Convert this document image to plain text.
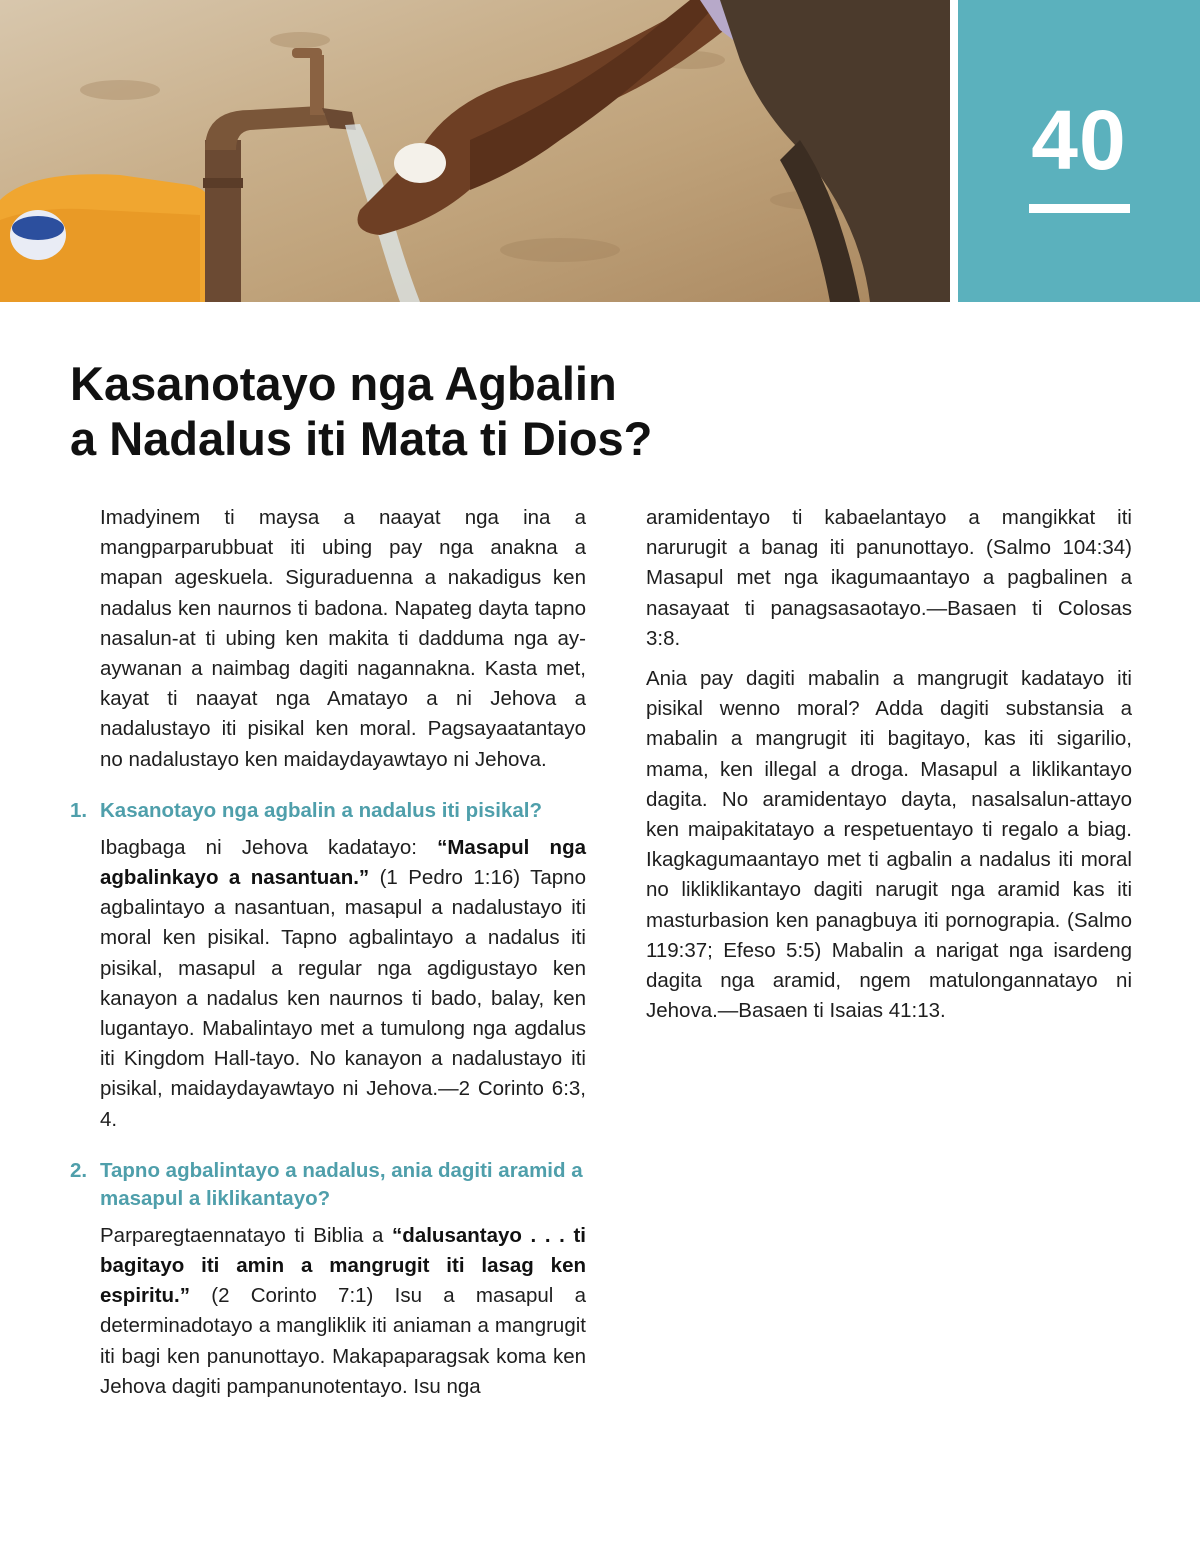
40
Kasanotayo nga Agbalin
a Nadalus iti Mata ti Dios?

Imadyinem ti maysa a naayat nga ina a mangparparubbuat iti ubing pay nga anakna a mapan ageskuela. Siguraduenna a nakadigus ken nadalus ken naurnos ti badona. Napateg dayta tapno nasalun-at ti ubing ken makita ti dadduma nga ay-aywanan a naimbag dagiti nagannakna. Kasta met, kayat ti naayat nga Amatayo a ni Jehova a nadalustayo iti pisikal ken moral. Pagsayaatantayo no nadalustayo ken maidaydayawtayo ni Jehova.

1. Kasanotayo nga agbalin a nadalus iti pisikal?

Ibagbaga ni Jehova kadatayo: “Masapul nga agbalinkayo a nasantuan.” (1 Pedro 1:16) Tapno agbalintayo a nasantuan, masapul a nadalustayo iti moral ken pisikal. Tapno agbalintayo a nadalus iti pisikal, masapul a regular nga agdigustayo ken kanayon a nadalus ken naurnos ti bado, balay, ken lugantayo. Mabalintayo met a tumulong nga agdalus iti Kingdom Hall-tayo. No kanayon a nadalustayo iti pisikal, maidaydayawtayo ni Jehova.—2 Corinto 6:3, 4.

2. Tapno agbalintayo a nadalus, ania dagiti aramid a masapul a liklikantayo?

Parparegtaennatayo ti Biblia a “dalusantayo . . . ti bagitayo iti amin a mangrugit iti lasag ken espiritu.” (2 Corinto 7:1) Isu a masapul a determinadotayo a mangliklik iti aniaman a mangrugit iti bagi ken panunottayo. Makapaparagsak koma ken Jehova dagiti pampanunotentayo. Isu nga

aramidentayo ti kabaelantayo a mangikkat iti narurugit a banag iti panunottayo. (Salmo 104:34) Masapul met nga ikagumaantayo a pagbalinen a nasayaat ti panagsasaotayo.—Basaen ti Colosas 3:8.

Ania pay dagiti mabalin a mangrugit kadatayo iti pisikal wenno moral? Adda dagiti substansia a mabalin a mangrugit iti bagitayo, kas iti sigarilio, mama, ken illegal a droga. Masapul a liklikantayo dagita. No aramidentayo dayta, nasalsalun-attayo ken maipakitatayo a respetuentayo ti regalo a biag. Ikagkagumaantayo met ti agbalin a nadalus iti moral no likliklikantayo dagiti narugit nga aramid kas iti masturbasion ken panagbuya iti pornograpia. (Salmo 119:37; Efeso 5:5) Mabalin a narigat nga isardeng dagita nga aramid, ngem matulongannatayo ni Jehova.—Basaen ti Isaias 41:13.
